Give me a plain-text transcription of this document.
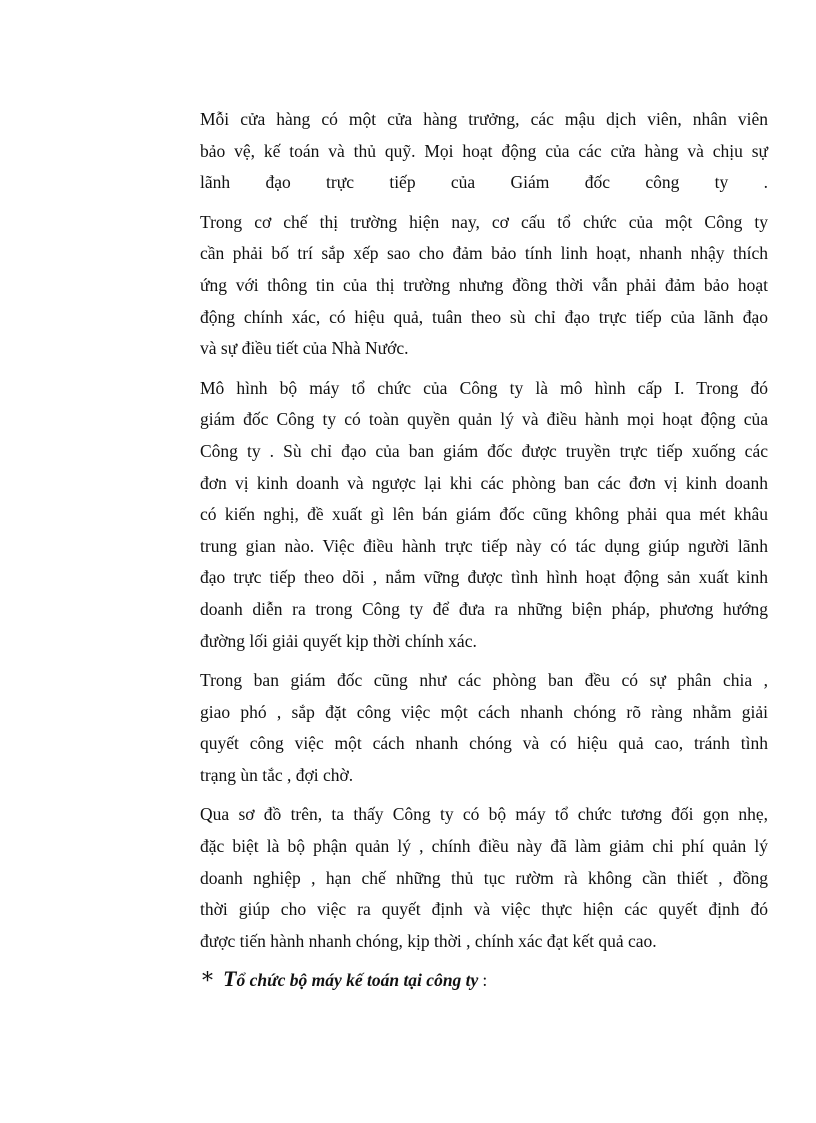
Mỗi cửa hàng có một cửa hàng trưởng, các mậu dịch viên, nhân viên
bảo vệ, kế toán và thủ quỹ. Mọi hoạt động của các cửa hàng và chịu sự
lãnh đạo trực tiếp của Giám đốc công ty .

Trong cơ chế thị trường hiện nay, cơ cấu tổ chức của một Công ty
cần phải bố trí sắp xếp sao cho đảm bảo tính linh hoạt, nhanh nhậy thích
ứng với thông tin của thị trường nhưng đồng thời vẫn phải đảm bảo hoạt
động chính xác, có hiệu quả, tuân theo sù chỉ đạo trực tiếp của lãnh đạo
và sự điều tiết của Nhà Nước.

Mô hình bộ máy tổ chức của Công ty là mô hình cấp I. Trong đó
giám đốc Công ty có toàn quyền quản lý và điều hành mọi hoạt động của
Công ty . Sù chỉ đạo của ban giám đốc được truyền trực tiếp xuống các
đơn vị kinh doanh và ngược lại khi các phòng ban các đơn vị kinh doanh
có kiến nghị, đề xuất gì lên bán giám đốc cũng không phải qua mét khâu
trung gian nào. Việc điều hành trực tiếp này có tác dụng giúp người lãnh
đạo trực tiếp theo dõi , nắm vững được tình hình hoạt động sản xuất kinh
doanh diễn ra trong Công ty để đưa ra những biện pháp, phương hướng
đường lối giải quyết kịp thời chính xác.

Trong ban giám đốc cũng như các phòng ban đều có sự phân chia ,
giao phó , sắp đặt công việc một cách nhanh chóng rõ ràng nhằm giải
quyết công việc một cách nhanh chóng và có hiệu quả cao, tránh tình
trạng ùn tắc , đợi chờ.

Qua sơ đồ trên, ta thấy Công ty có bộ máy tổ chức tương đối gọn nhẹ,
đặc biệt là bộ phận quản lý , chính điều này đã làm giảm chi phí quản lý
doanh nghiệp , hạn chế những thủ tục rườm rà không cần thiết , đồng
thời giúp cho việc ra quyết định và việc thực hiện các quyết định đó
được tiến hành nhanh chóng, kịp thời , chính xác đạt kết quả cao.

* Tổ chức bộ máy kế toán tại công ty :
